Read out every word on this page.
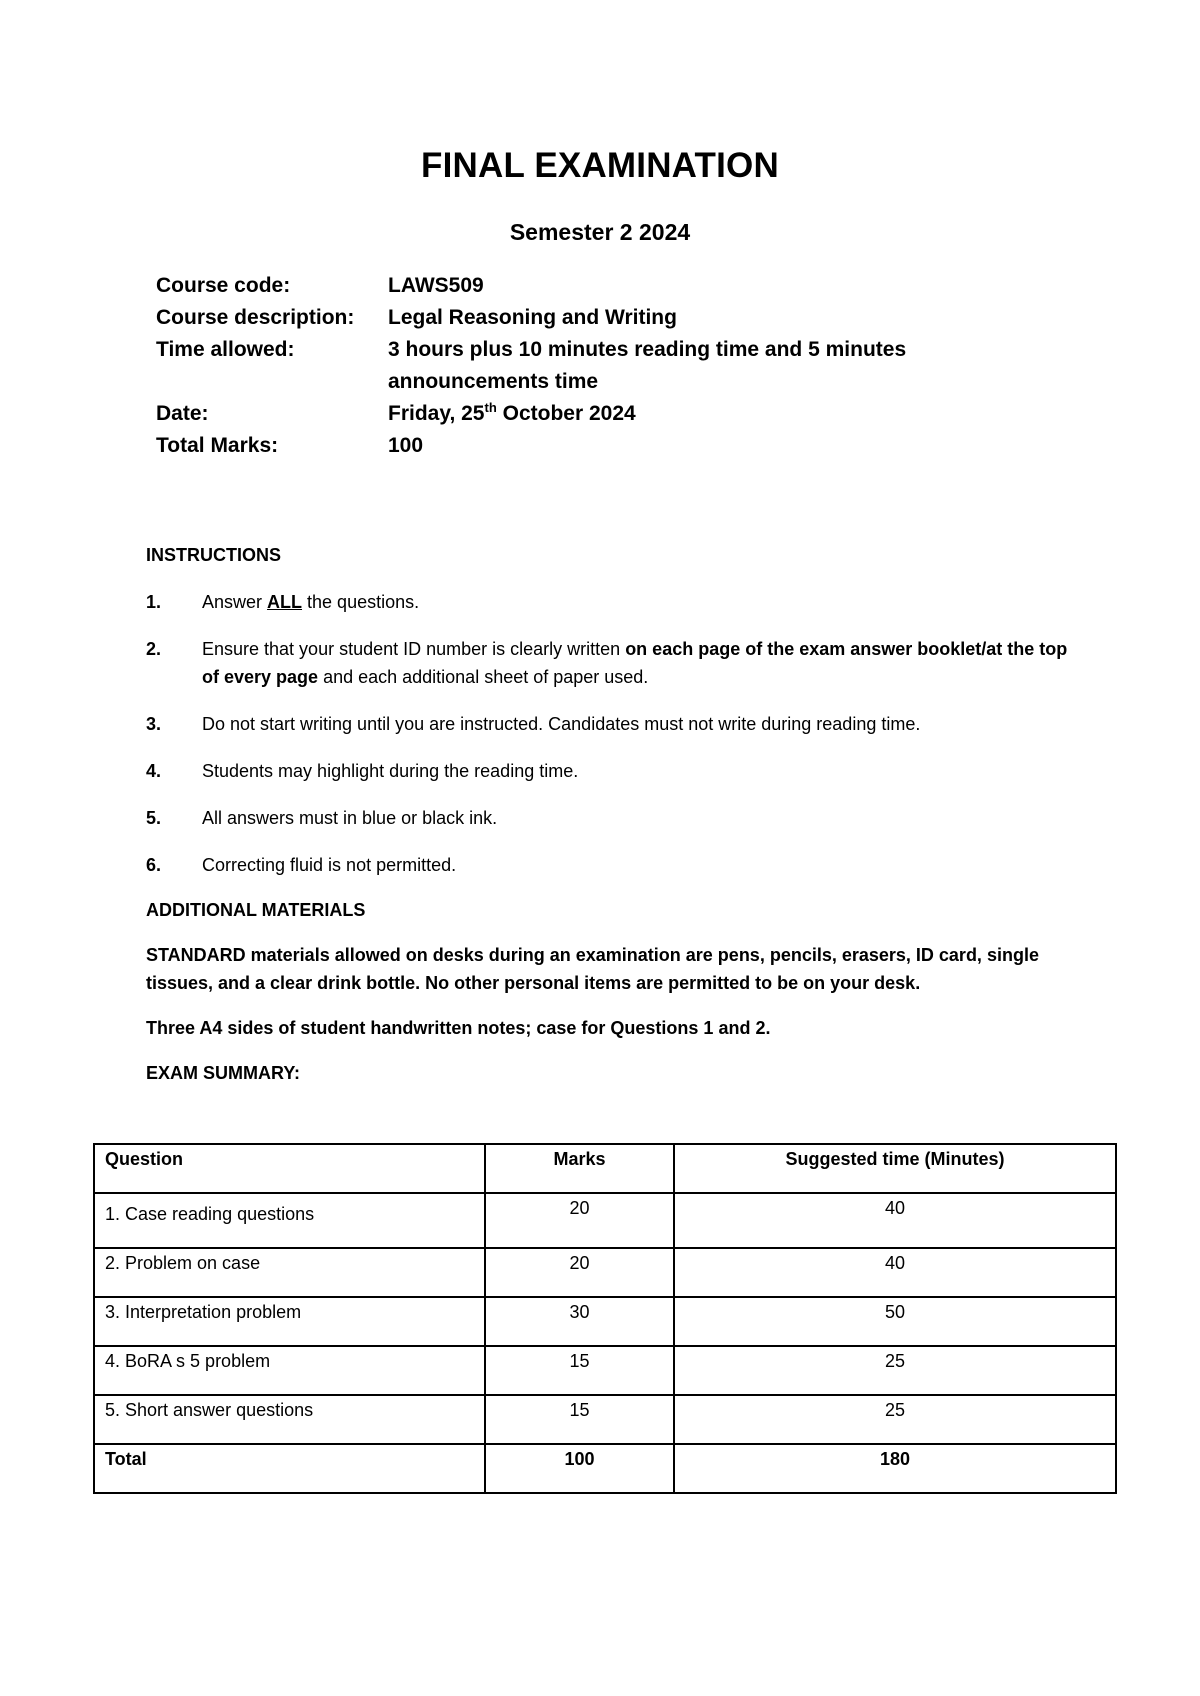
FINAL EXAMINATION
Semester 2 2024
Course code:	LAWS509
Course description:	Legal Reasoning and Writing
Time allowed:	3 hours plus 10 minutes reading time and 5 minutes announcements time
Date:	Friday, 25th October 2024
Total Marks:	100

INSTRUCTIONS

1.	Answer ALL the questions.
2.	Ensure that your student ID number is clearly written on each page of the exam answer booklet/at the top of every page and each additional sheet of paper used.
3.	Do not start writing until you are instructed. Candidates must not write during reading time.
4.	Students may highlight during the reading time.
5.	All answers must in blue or black ink.
6.	Correcting fluid is not permitted.

ADDITIONAL MATERIALS

STANDARD materials allowed on desks during an examination are pens, pencils, erasers, ID card, single tissues, and a clear drink bottle. No other personal items are permitted to be on your desk.

Three A4 sides of student handwritten notes; case for Questions 1 and 2.

EXAM SUMMARY:

Question	Marks	Suggested time (Minutes)
1. Case reading questions	20	40
2. Problem on case	20	40
3. Interpretation problem	30	50
4. BoRA s 5 problem	15	25
5. Short answer questions	15	25
Total	100	180
